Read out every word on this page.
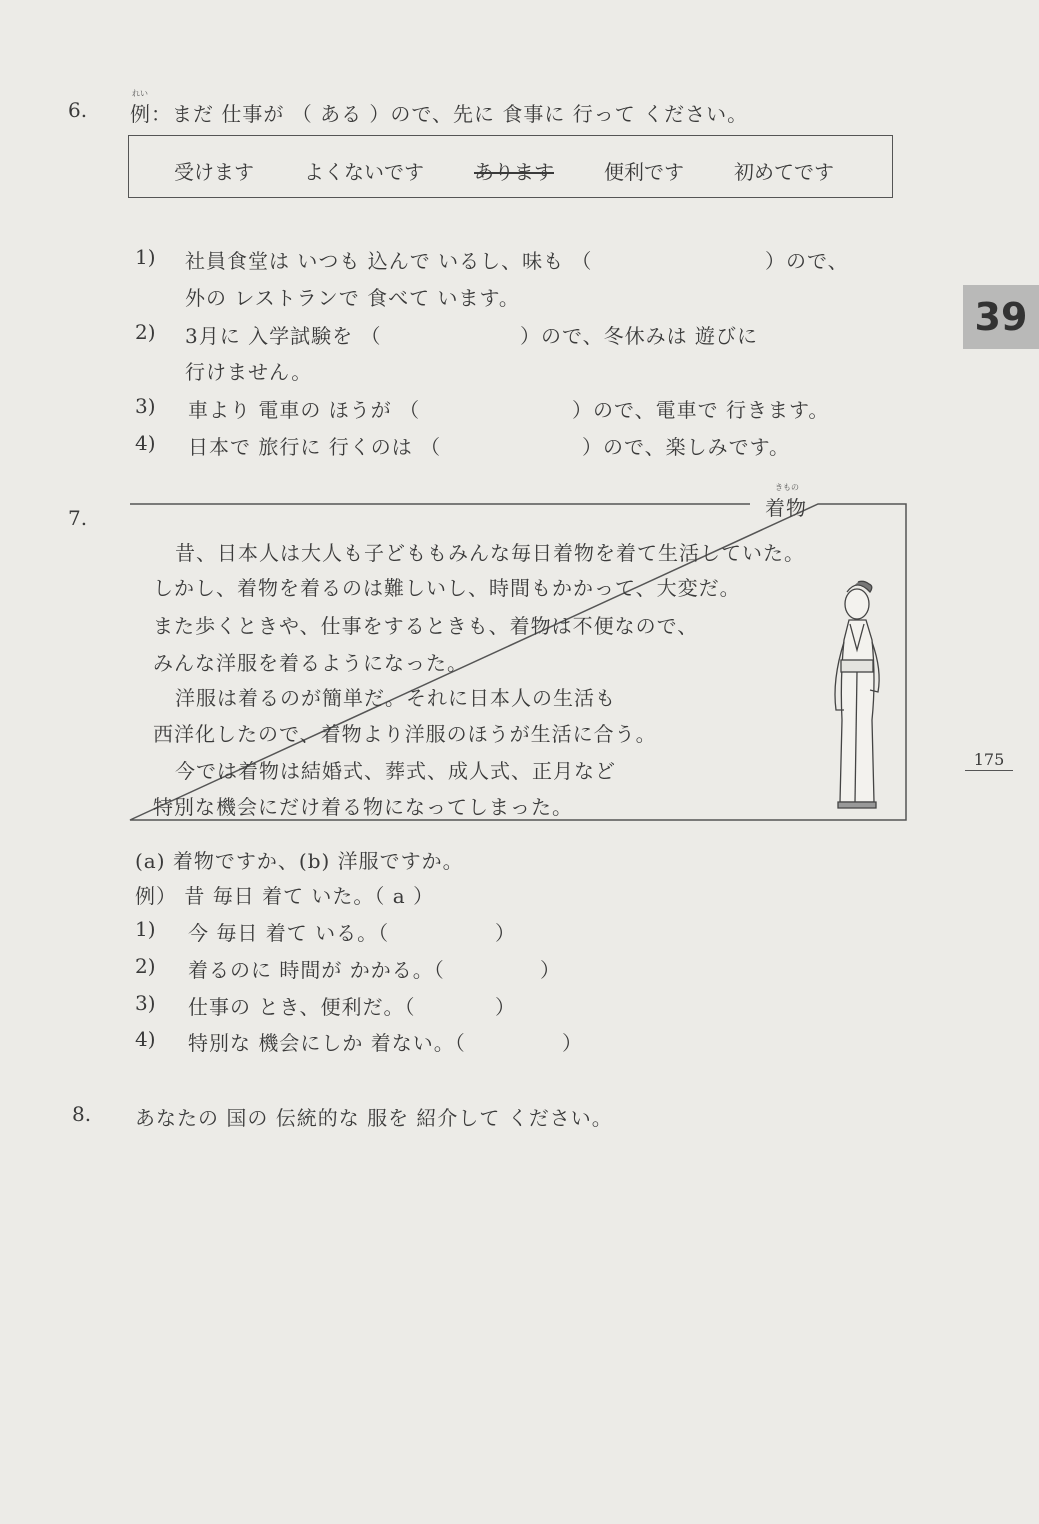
39
175
6.
れい
例：まだ 仕事が （ ある ）ので、先に 食事に 行って ください。
受けます	よくないです	あります	便利です	初めてです
1) 社員食堂は いつも 込んで いるし、味も （	）ので、
外の レストランで 食べて います。
2) 3月に 入学試験を （	）ので、冬休みは 遊びに
行けません。
3) 車より 電車の ほうが （	）ので、電車で 行きます。
4) 日本で 旅行に 行くのは （	）ので、楽しみです。
7.
きもの
着物
昔、日本人は大人も子どももみんな毎日着物を着て生活していた。
しかし、着物を着るのは難しいし、時間もかかって、大変だ。
また歩くときや、仕事をするときも、着物は不便なので、
みんな洋服を着るようになった。
洋服は着るのが簡単だ。それに日本人の生活も
西洋化したので、着物より洋服のほうが生活に合う。
今では着物は結婚式、葬式、成人式、正月など
特別な機会にだけ着る物になってしまった。
(a) 着物ですか、(b) 洋服ですか。
例） 昔 毎日 着て いた。（ a ）
1) 今 毎日 着て いる。（	）
2) 着るのに 時間が かかる。（	）
3) 仕事の とき、便利だ。（	）
4) 特別な 機会にしか 着ない。（	）
8. あなたの 国の 伝統的な 服を 紹介して ください。
